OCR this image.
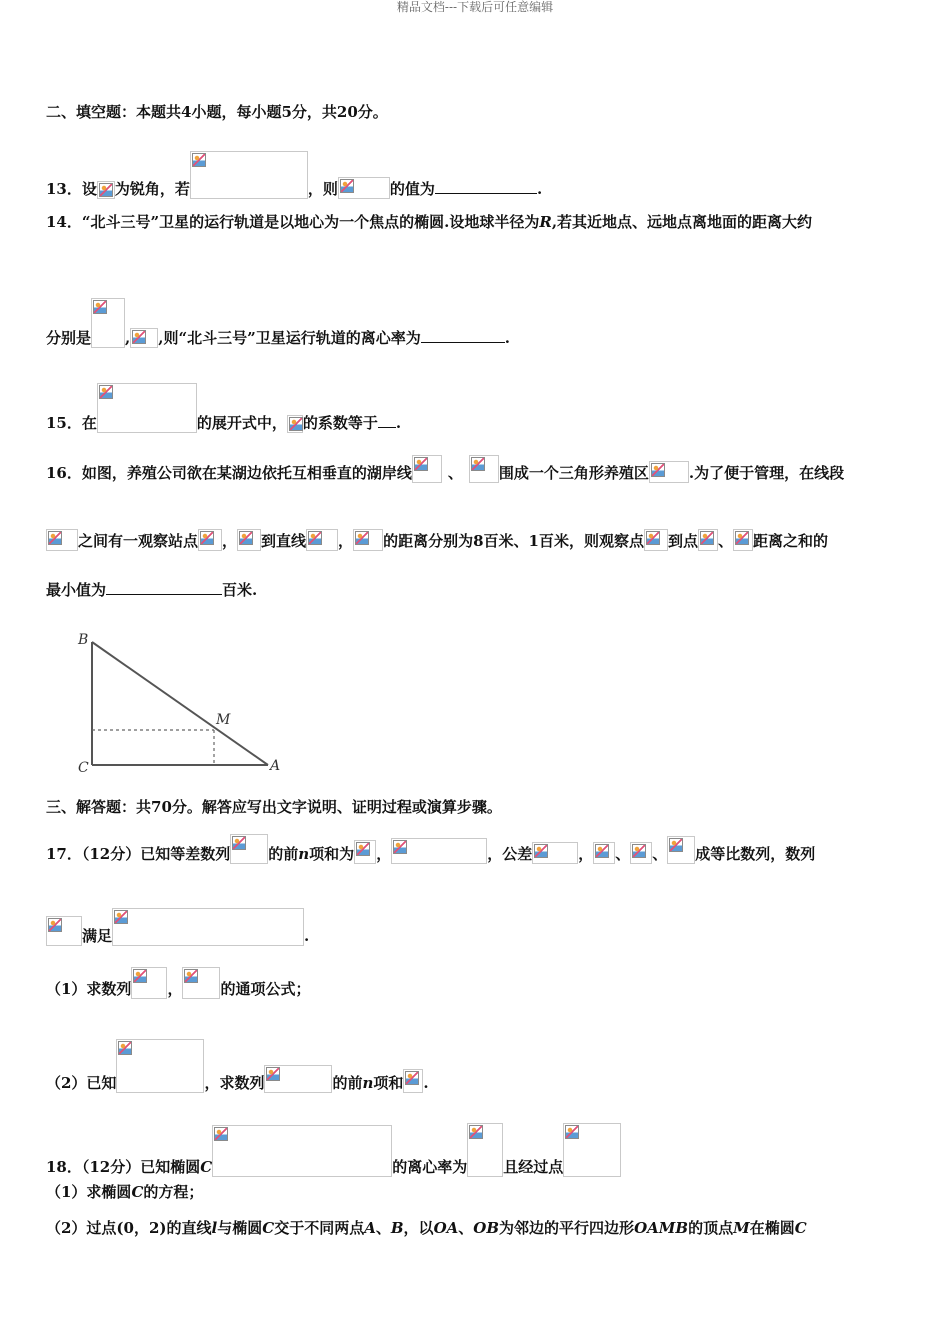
精品文档---下载后可任意编辑
二、填空题：本题共4小题，每小题5分，共20分。
13．设 为锐角，若	，则	的值为	.
14．“北斗三号”卫星的运行轨道是以地心为一个焦点的椭圆.设地球半径为R,若其近地点、远地点离地面的距离大约
分别是 , ,则“北斗三号”卫星运行轨道的离心率为	.
15．在	的展开式中， 的系数等于 .
16．如图，养殖公司欲在某湖边依托互相垂直的湖岸线 、 围成一个三角形养殖区	.为了便于管理，在线段
之间有一观察站点 ， 到直线 ， 的距离分别为8百米、1百米，则观察点 到点 、 距离之和的
最小值为	百米.
B
M
C	A
三、解答题：共70分。解答应写出文字说明、证明过程或演算步骤。
17．（12分）已知等差数列	的前n项和为 ，	，公差	， 、 、 成等比数列，数列
满足	.
（1）求数列 ，	的通项公式；
（2）已知	，求数列	的前n项和 .
18．（12分）已知椭圆C	的离心率为 且经过点
（1）求椭圆C的方程；
（2）过点(0，2)的直线l与椭圆C交于不同两点A、B，以OA、OB为邻边的平行四边形OAMB的顶点M在椭圆C
